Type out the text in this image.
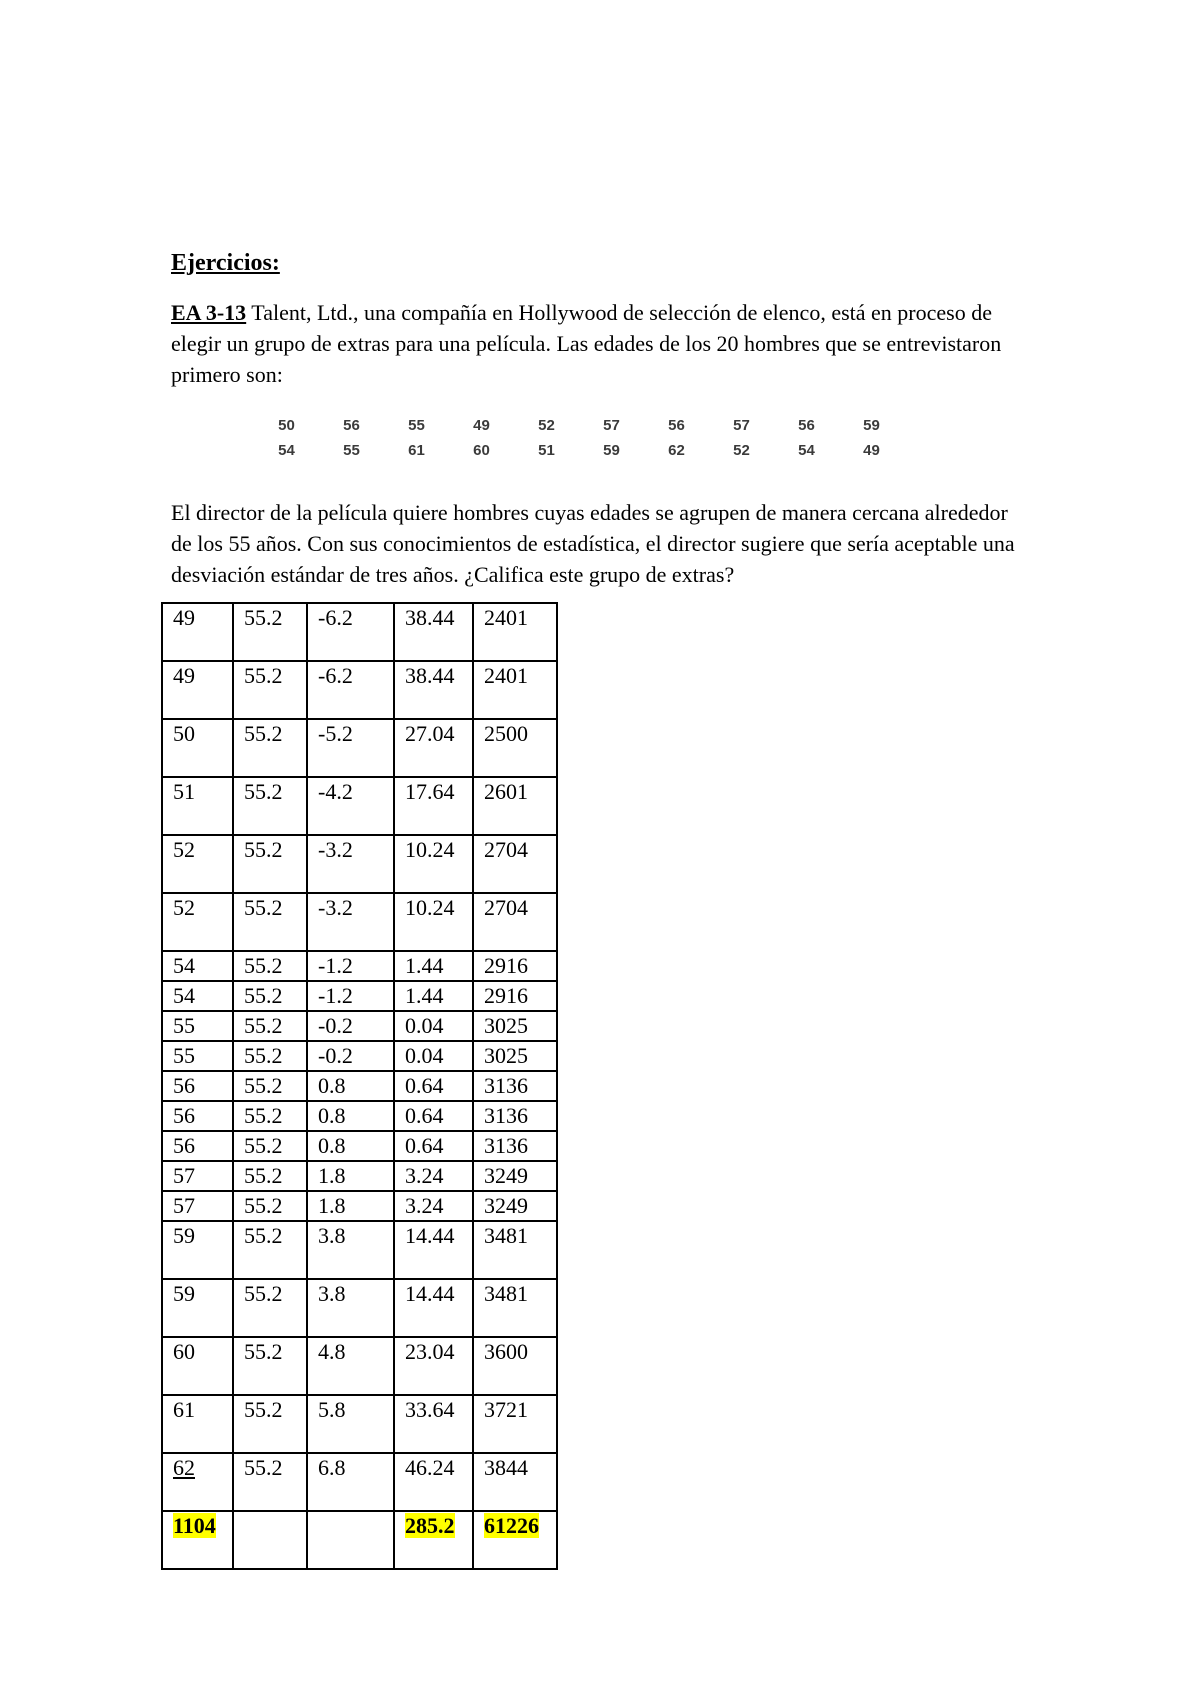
Ejercicios:

EA 3-13 Talent, Ltd., una compañía en Hollywood de selección de elenco, está en proceso de elegir un grupo de extras para una película. Las edades de los 20 hombres que se entrevistaron primero son:

50	56	55	49	52	57	56	57	56	59
54	55	61	60	51	59	62	52	54	49

El director de la película quiere hombres cuyas edades se agrupen de manera cercana alrededor de los 55 años. Con sus conocimientos de estadística, el director sugiere que sería aceptable una desviación estándar de tres años. ¿Califica este grupo de extras?

49	55.2	-6.2	38.44	2401
49	55.2	-6.2	38.44	2401
50	55.2	-5.2	27.04	2500
51	55.2	-4.2	17.64	2601
52	55.2	-3.2	10.24	2704
52	55.2	-3.2	10.24	2704
54	55.2	-1.2	1.44	2916
54	55.2	-1.2	1.44	2916
55	55.2	-0.2	0.04	3025
55	55.2	-0.2	0.04	3025
56	55.2	0.8	0.64	3136
56	55.2	0.8	0.64	3136
56	55.2	0.8	0.64	3136
57	55.2	1.8	3.24	3249
57	55.2	1.8	3.24	3249
59	55.2	3.8	14.44	3481
59	55.2	3.8	14.44	3481
60	55.2	4.8	23.04	3600
61	55.2	5.8	33.64	3721
62	55.2	6.8	46.24	3844
1104			285.2	61226
